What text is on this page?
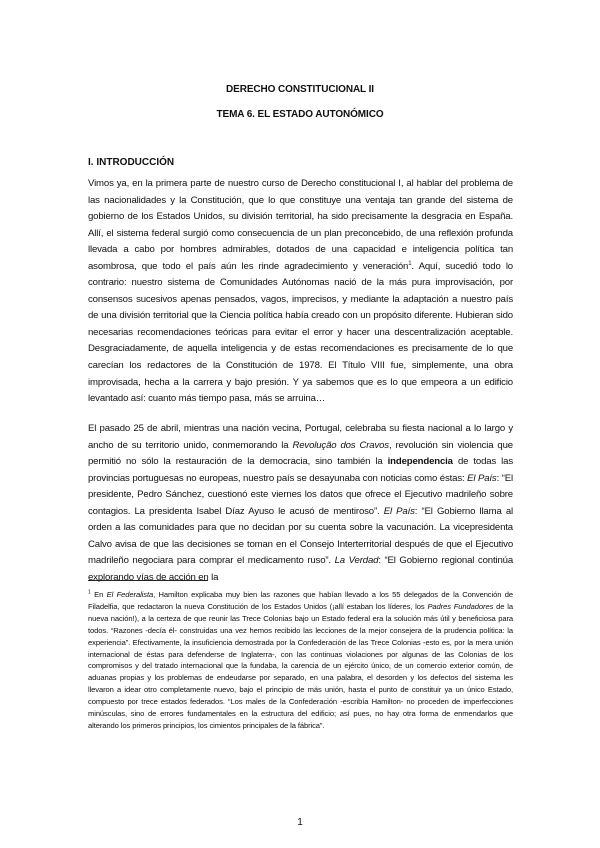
DERECHO CONSTITUCIONAL II
TEMA 6. EL ESTADO AUTONÓMICO
I. INTRODUCCIÓN

Vimos ya, en la primera parte de nuestro curso de Derecho constitucional I, al hablar del problema de las nacionalidades y la Constitución, que lo que constituye una ventaja tan grande del sistema de gobierno de los Estados Unidos, su división territorial, ha sido precisamente la desgracia en España. Allí, el sistema federal surgió como consecuencia de un plan preconcebido, de una reflexión profunda llevada a cabo por hombres admirables, dotados de una capacidad e inteligencia política tan asombrosa, que todo el país aún les rinde agradecimiento y veneración$^1$. Aquí, sucedió todo lo contrario: nuestro sistema de Comunidades Autónomas nació de la más pura improvisación, por consensos sucesivos apenas pensados, vagos, imprecisos, y mediante la adaptación a nuestro país de una división territorial que la Ciencia política había creado con un propósito diferente. Hubieran sido necesarias recomendaciones teóricas para evitar el error y hacer una descentralización aceptable. Desgraciadamente, de aquella inteligencia y de estas recomendaciones es precisamente de lo que carecían los redactores de la Constitución de 1978. El Título VIII fue, simplemente, una obra improvisada, hecha a la carrera y bajo presión. Y ya sabemos que es lo que empeora a un edificio levantado así: cuanto más tiempo pasa, más se arruina…

El pasado 25 de abril, mientras una nación vecina, Portugal, celebraba su fiesta nacional a lo largo y ancho de su territorio unido, conmemorando la Revolução dos Cravos, revolución sin violencia que permitió no sólo la restauración de la democracia, sino también la independencia de todas las provincias portuguesas no europeas, nuestro país se desayunaba con noticias como éstas: El País: “El presidente, Pedro Sánchez, cuestionó este viernes los datos que ofrece el Ejecutivo madrileño sobre contagios. La presidenta Isabel Díaz Ayuso le acusó de mentiroso”. El País: “El Gobierno llama al orden a las comunidades para que no decidan por su cuenta sobre la vacunación. La vicepresidenta Calvo avisa de que las decisiones se toman en el Consejo Interterritorial después de que el Ejecutivo madrileño negociara para comprar el medicamento ruso”. La Verdad: “El Gobierno regional continúa explorando vías de acción en la

$^1$ En El Federalista, Hamilton explicaba muy bien las razones que habían llevado a los 55 delegados de la Convención de Filadelfia, que redactaron la nueva Constitución de los Estados Unidos (¡allí estaban los líderes, los Padres Fundadores de la nueva nación!), a la certeza de que reunir las Trece Colonias bajo un Estado federal era la solución más útil y beneficiosa para todos. “Razones -decía él- construidas una vez hemos recibido las lecciones de la mejor consejera de la prudencia política: la experiencia”. Efectivamente, la insuficiencia demostrada por la Confederación de las Trece Colonias -esto es, por la mera unión internacional de éstas para defenderse de Inglaterra-, con las continuas violaciones por algunas de las Colonias de los compromisos y del tratado internacional que la fundaba, la carencia de un ejército único, de un comercio exterior común, de aduanas propias y los problemas de endeudarse por separado, en una palabra, el desorden y los defectos del sistema les llevaron a idear otro completamente nuevo, bajo el principio de más unión, hasta el punto de constituir ya un único Estado, compuesto por trece estados federados. “Los males de la Confederación -escribía Hamilton- no proceden de imperfecciones minúsculas, sino de errores fundamentales en la estructura del edificio; así pues, no hay otra forma de enmendarlos que alterando los primeros principios, los cimientos principales de la fábrica”.

1
